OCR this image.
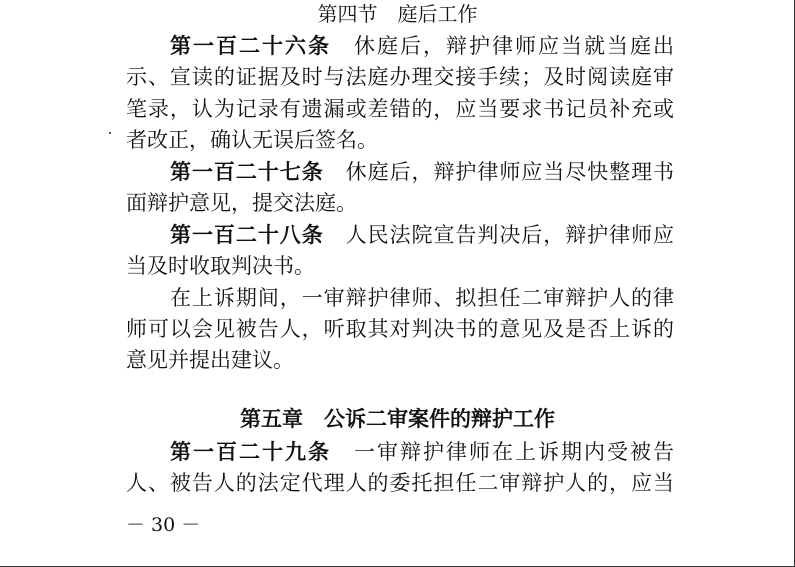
第四节　庭后工作
第一百二十六条　 休庭后，辩护律师应当就当庭出
示、宣读的证据及时与法庭办理交接手续；及时阅读庭审
笔录，认为记录有遗漏或差错的，应当要求书记员补充或
者改正，确认无误后签名。
第一百二十七条　 休庭后，辩护律师应当尽快整理书
面辩护意见，提交法庭。
第一百二十八条　 人民法院宣告判决后，辩护律师应
当及时收取判决书。
在上诉期间，一审辩护律师、拟担任二审辩护人的律
师可以会见被告人，听取其对判决书的意见及是否上诉的
意见并提出建议。
第五章　公诉二审案件的辩护工作
第一百二十九条　 一审辩护律师在上诉期内受被告
人、被告人的法定代理人的委托担任二审辩护人的，应当
－ 30 －
